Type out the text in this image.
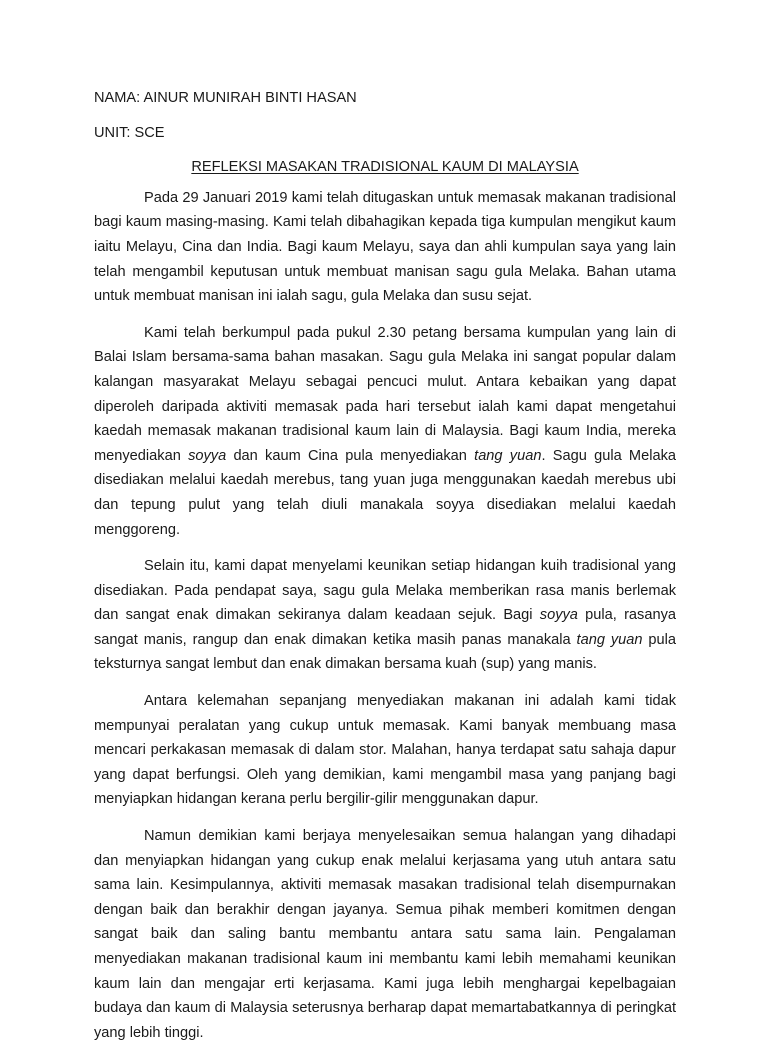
NAMA: AINUR MUNIRAH BINTI HASAN

UNIT: SCE

REFLEKSI MASAKAN TRADISIONAL KAUM DI MALAYSIA

Pada 29 Januari 2019 kami telah ditugaskan untuk memasak makanan tradisional bagi kaum masing-masing. Kami telah dibahagikan kepada tiga kumpulan mengikut kaum iaitu Melayu, Cina dan India. Bagi kaum Melayu, saya dan ahli kumpulan saya yang lain telah mengambil keputusan untuk membuat manisan sagu gula Melaka. Bahan utama untuk membuat manisan ini ialah sagu, gula Melaka dan susu sejat.

Kami telah berkumpul pada pukul 2.30 petang bersama kumpulan yang lain di Balai Islam bersama-sama bahan masakan. Sagu gula Melaka ini sangat popular dalam kalangan masyarakat Melayu sebagai pencuci mulut. Antara kebaikan yang dapat diperoleh daripada aktiviti memasak pada hari tersebut ialah kami dapat mengetahui kaedah memasak makanan tradisional kaum lain di Malaysia. Bagi kaum India, mereka menyediakan soyya dan kaum Cina pula menyediakan tang yuan. Sagu gula Melaka disediakan melalui kaedah merebus, tang yuan juga menggunakan kaedah merebus ubi dan tepung pulut yang telah diuli manakala soyya disediakan melalui kaedah menggoreng.

Selain itu, kami dapat menyelami keunikan setiap hidangan kuih tradisional yang disediakan. Pada pendapat saya, sagu gula Melaka memberikan rasa manis berlemak dan sangat enak dimakan sekiranya dalam keadaan sejuk. Bagi soyya pula, rasanya sangat manis, rangup dan enak dimakan ketika masih panas manakala tang yuan pula teksturnya sangat lembut dan enak dimakan bersama kuah (sup) yang manis.

Antara kelemahan sepanjang menyediakan makanan ini adalah kami tidak mempunyai peralatan yang cukup untuk memasak. Kami banyak membuang masa mencari perkakasan memasak di dalam stor. Malahan, hanya terdapat satu sahaja dapur yang dapat berfungsi. Oleh yang demikian, kami mengambil masa yang panjang bagi menyiapkan hidangan kerana perlu bergilir-gilir menggunakan dapur.

Namun demikian kami berjaya menyelesaikan semua halangan yang dihadapi dan menyiapkan hidangan yang cukup enak melalui kerjasama yang utuh antara satu sama lain. Kesimpulannya, aktiviti memasak masakan tradisional telah disempurnakan dengan baik dan berakhir dengan jayanya. Semua pihak memberi komitmen dengan sangat baik dan saling bantu membantu antara satu sama lain. Pengalaman menyediakan makanan tradisional kaum ini membantu kami lebih memahami keunikan kaum lain dan mengajar erti kerjasama. Kami juga lebih menghargai kepelbagaian budaya dan kaum di Malaysia seterusnya berharap dapat memartabatkannya di peringkat yang lebih tinggi.
